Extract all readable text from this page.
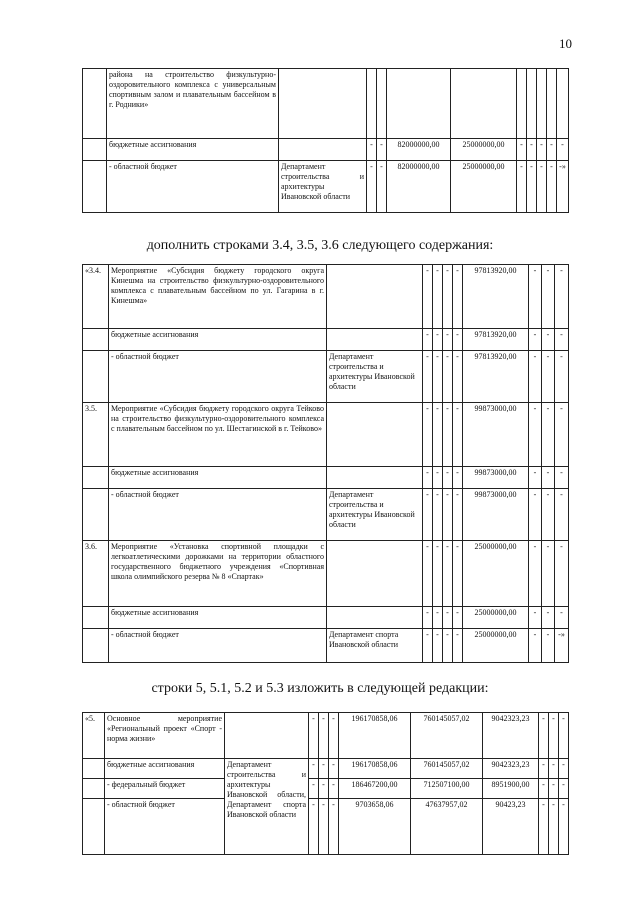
10
	района на строительство физкультурно-оздоровительного комплекса с универсальным спортивным залом и плавательным бассейном в г. Родники»										
	бюджетные ассигнования		-	-	82000000,00	25000000,00	-	-	-	-	-
	- областной бюджет	Департамент строительства и архитектуры Ивановской области	-	-	82000000,00	25000000,00	-	-	-	-	-»
дополнить строками 3.4, 3.5, 3.6 следующего содержания:
«3.4.	Мероприятие «Субсидия бюджету городского округа Кинешма на строительство физкультурно-оздоровительного комплекса с плавательным бассейном по ул. Гагарина в г. Кинешма»		-	-	-	-	97813920,00	-	-	-
	бюджетные ассигнования		-	-	-	-	97813920,00	-	-	-
	- областной бюджет	Департамент строительства и архитектуры Ивановской области	-	-	-	-	97813920,00	-	-	-
3.5.	Мероприятие «Субсидия бюджету городского округа Тейково на строительство физкультурно-оздоровительного комплекса с плавательным бассейном по ул. Шестагинской в г. Тейково»		-	-	-	-	99873000,00	-	-	-
	бюджетные ассигнования		-	-	-	-	99873000,00	-	-	-
	- областной бюджет	Департамент строительства и архитектуры Ивановской области	-	-	-	-	99873000,00	-	-	-
3.6.	Мероприятие «Установка спортивной площадки с легкоатлетическими дорожками на территории областного государственного бюджетного учреждения «Спортивная школа олимпийского резерва № 8 «Спартак»		-	-	-	-	25000000,00	-	-	-
	бюджетные ассигнования		-	-	-	-	25000000,00	-	-	-
	- областной бюджет	Департамент спорта Ивановской области	-	-	-	-	25000000,00	-	-	-»
строки 5, 5.1, 5.2 и 5.3 изложить в следующей редакции:
«5.	Основное мероприятие «Региональный проект «Спорт - норма жизни»		-	-	-	196170858,06	760145057,02	9042323,23	-	-	-
	бюджетные ассигнования	Департамент строительства и архитектуры Ивановской области, Департамент спорта Ивановской области	-	-	-	196170858,06	760145057,02	9042323,23	-	-	-
	- федеральный бюджет		-	-	-	186467200,00	712507100,00	8951900,00	-	-	-
	- областной бюджет		-	-	-	9703658,06	47637957,02	90423,23	-	-	-
